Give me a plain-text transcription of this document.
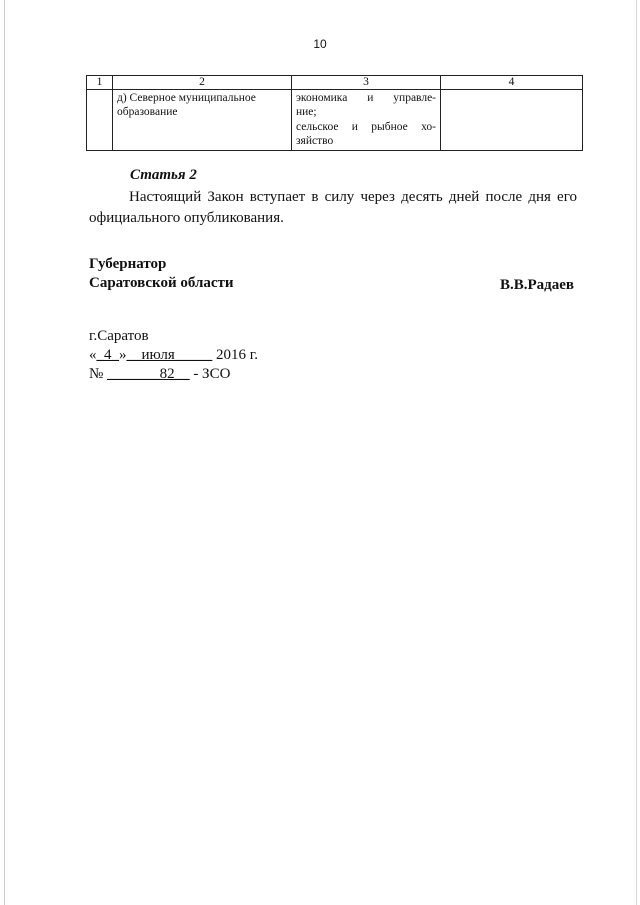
10
1	2	3	4
	д) Северное муниципальное образование	экономика и управле-
ние;
сельское и рыбное хо-
зяйство	

Статья 2
Настоящий Закон вступает в силу через десять дней после дня его официального опубликования.
Губернатор
Саратовской области	В.В.Радаев
г.Саратов
«_4_»__июля_____ 2016 г.
№ _______82__ - ЗСО
